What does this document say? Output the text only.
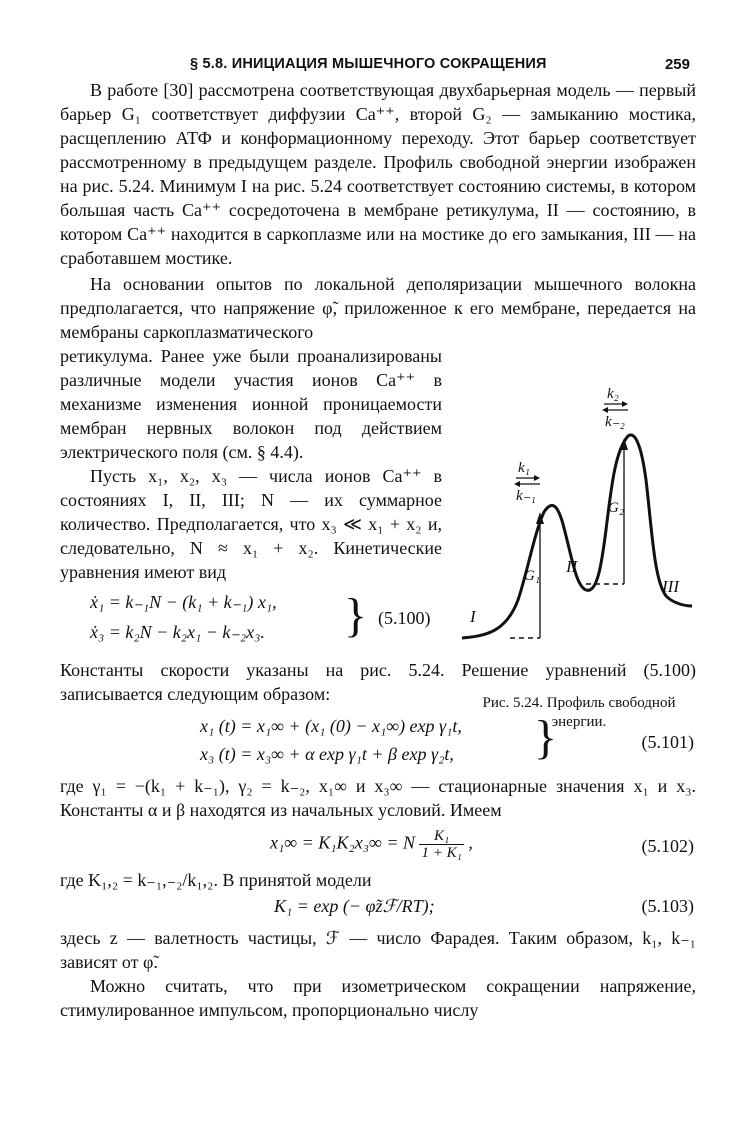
§ 5.8. ИНИЦИАЦИЯ МЫШЕЧНОГО СОКРАЩЕНИЯ	259

В работе [30] рассмотрена соответствующая двухбарьерная модель — первый барьер G₁ соответствует диффузии Ca⁺⁺, второй G₂ — замыканию мостика, расщеплению АТФ и конформационному переходу. Этот барьер соответствует рассмотренному в предыдущем разделе. Профиль свободной энергии изображен на рис. 5.24. Минимум I на рис. 5.24 соответствует состоянию системы, в котором большая часть Ca⁺⁺ сосредоточена в мембране ретикулума, II — состоянию, в котором Ca⁺⁺ находится в саркоплазме или на мостике до его замыкания, III — на сработавшем мостике.

На основании опытов по локальной деполяризации мышечного волокна предполагается, что напряжение φ̃, приложенное к его мембране, передается на мембраны саркоплазматического

ретикулума. Ранее уже были проанализированы различные модели участия ионов Ca⁺⁺ в механизме изменения ионной проницаемости мембран нервных волокон под действием электрического поля (см. § 4.4).

Пусть x₁, x₂, x₃ — числа ионов Ca⁺⁺ в состояниях I, II, III; N — их суммарное количество. Предполагается, что x₃ ≪ x₁ + x₂ и, следовательно, N ≈ x₁ + x₂. Кинетические уравнения имеют вид

ẋ₁ = k₋₁N − (k₁ + k₋₁) x₁,
ẋ₃ = k₂N − k₂x₁ − k₋₂x₃. } (5.100)
k₂
k₋₂
k₁
k₋₁
G₁
G₂
I
II
III
Рис. 5.24. Профиль свободной энергии.

Константы скорости указаны на рис. 5.24. Решение уравнений (5.100) записывается следующим образом:

x₁ (t) = x₁∞ + (x₁ (0) − x₁∞) exp γ₁t,
x₃ (t) = x₃∞ + α exp γ₁t + β exp γ₂t, }	(5.101)

где γ₁ = −(k₁ + k₋₁), γ₂ = k₋₂, x₁∞ и x₃∞ — стационарные значения x₁ и x₃. Константы α и β находятся из начальных условий. Имеем

x₁∞ = K₁K₂x₃∞ = N $\frac{\text{K₁}}{\text{1 + K₁}}$ ,	(5.102)

где K₁,₂ = k₋₁,₋₂/k₁,₂. В принятой модели

K₁ = exp (− φ̃zℱ/RT);	(5.103)

здесь z — валетность частицы, ℱ — число Фарадея. Таким образом, k₁, k₋₁ зависят от φ̃.

Можно считать, что при изометрическом сокращении напряжение, стимулированное импульсом, пропорционально числу
